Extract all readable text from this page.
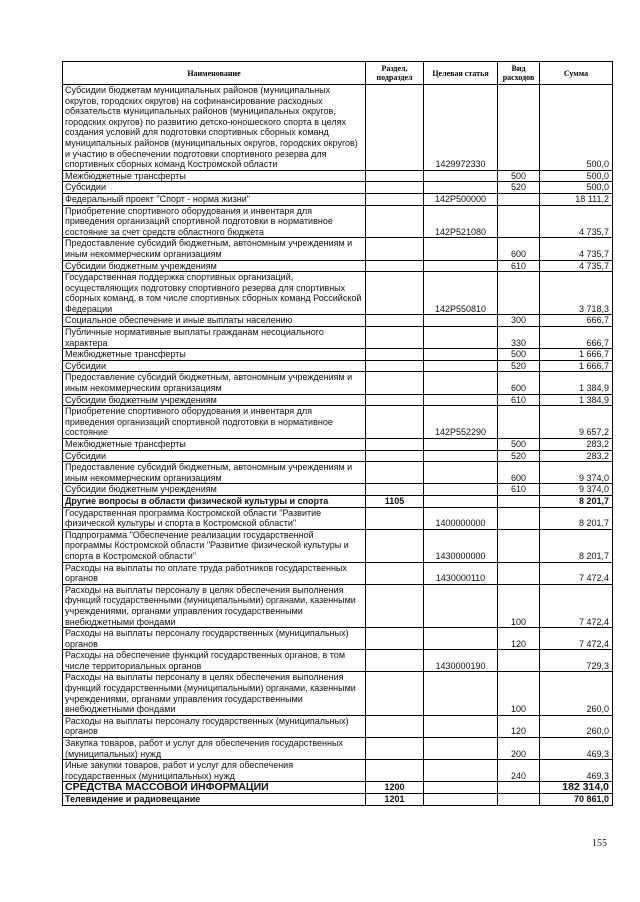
Наименование	Раздел, подраздел	Целевая статья	Вид расходов	Сумма
Субсидии бюджетам муниципальных районов (муниципальных округов, городских округов) на софинансирование расходных обязательств муниципальных районов (муниципальных округов, городских округов) по развитию детско-юношеского спорта в целях создания условий для подготовки спортивных сборных команд муниципальных районов (муниципальных округов, городских округов) и участию в обеспечении подготовки спортивного резерва для спортивных сборных команд Костромской области		1429972330		500,0
Межбюджетные трансферты			500	500,0
Субсидии			520	500,0
Федеральный проект "Спорт - норма жизни"		142P500000		18 111,2
Приобретение спортивного оборудования и инвентаря для приведения организаций спортивной подготовки в нормативное состояние за счет средств областного бюджета		142P521080		4 735,7
Предоставление субсидий бюджетным, автономным учреждениям и иным некоммерческим организациям			600	4 735,7
Субсидии бюджетным учреждениям			610	4 735,7
Государственная поддержка спортивных организаций, осуществляющих подготовку спортивного резерва для спортивных сборных команд, в том числе спортивных сборных команд Российской Федерации		142P550810		3 718,3
Социальное обеспечение и иные выплаты населению			300	666,7
Публичные нормативные выплаты гражданам несоциального характера			330	666,7
Межбюджетные трансферты			500	1 666,7
Субсидии			520	1 666,7
Предоставление субсидий бюджетным, автономным учреждениям и иным некоммерческим организациям			600	1 384,9
Субсидии бюджетным учреждениям			610	1 384,9
Приобретение спортивного оборудования и инвентаря для приведения организаций спортивной подготовки в нормативное состояние		142P552290		9 657,2
Межбюджетные трансферты			500	283,2
Субсидии			520	283,2
Предоставление субсидий бюджетным, автономным учреждениям и иным некоммерческим организациям			600	9 374,0
Субсидии бюджетным учреждениям			610	9 374,0
Другие вопросы в области физической культуры и спорта	1105			8 201,7
Государственная программа Костромской области "Развитие физической культуры и спорта в Костромской области"		1400000000		8 201,7
Подпрограмма "Обеспечение реализации государственной программы Костромской области "Развитие физической культуры и спорта в Костромской области"		1430000000		8 201,7
Расходы на выплаты по оплате труда работников государственных органов		1430000110		7 472,4
Расходы на выплаты персоналу в целях обеспечения выполнения функций государственными (муниципальными) органами, казенными учреждениями, органами управления государственными внебюджетными фондами			100	7 472,4
Расходы на выплаты персоналу государственных (муниципальных) органов			120	7 472,4
Расходы на обеспечение функций государственных органов, в том числе территориальных органов		1430000190		729,3
Расходы на выплаты персоналу в целях обеспечения выполнения функций государственными (муниципальными) органами, казенными учреждениями, органами управления государственными внебюджетными фондами			100	260,0
Расходы на выплаты персоналу государственных (муниципальных) органов			120	260,0
Закупка товаров, работ и услуг для обеспечения государственных (муниципальных) нужд			200	469,3
Иные закупки товаров, работ и услуг для обеспечения государственных (муниципальных) нужд			240	469,3
СРЕДСТВА МАССОВОЙ ИНФОРМАЦИИ	1200			182 314,0
Телевидение и радиовещание	1201			70 861,0
155
